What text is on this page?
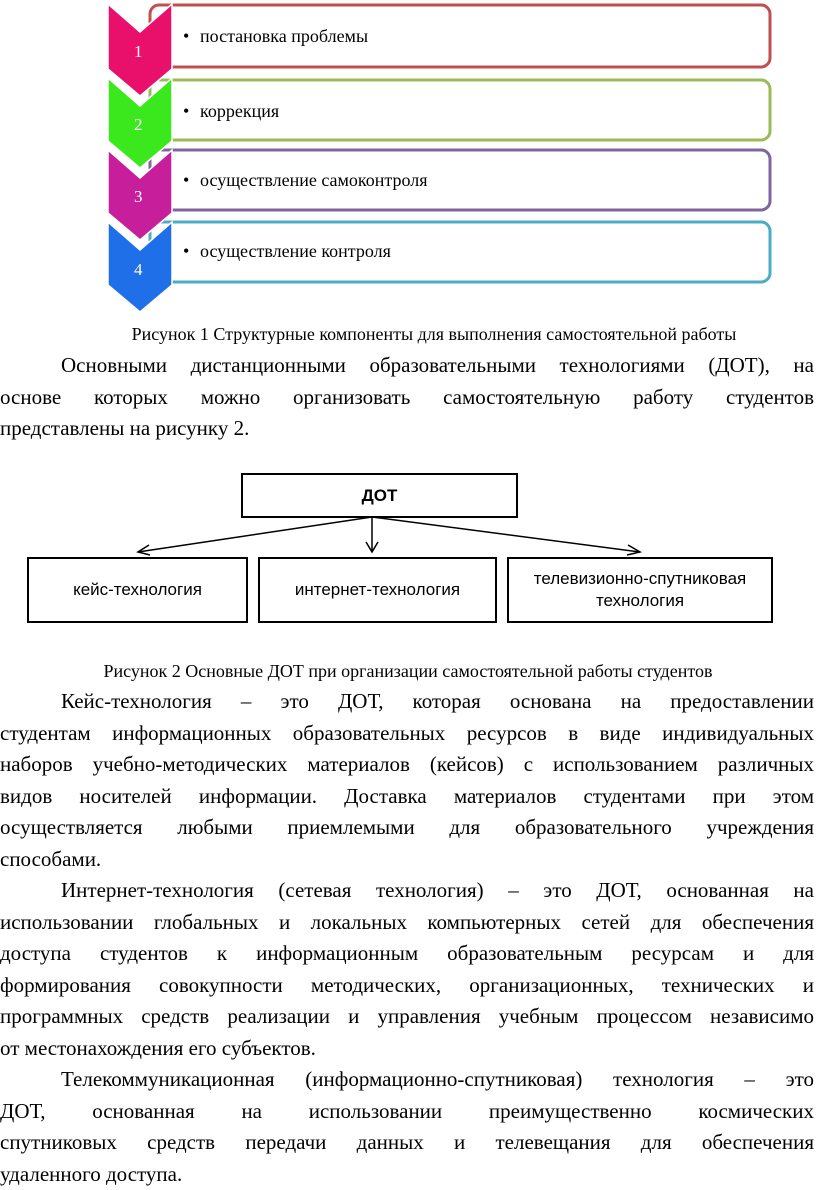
1
2
3
4
•
•
•
•
постановка проблемы
коррекция
осуществление самоконтроля
осуществление контроля
Рисунок 1 Структурные компоненты для выполнения самостоятельной работы
Основными дистанционными образовательными технологиями (ДОТ), на
основе которых можно организовать самостоятельную работу студентов
представлены на рисунку 2.
ДОТ
кейс-технология	интернет-технология
телевизионно-спутниковая
технология
Рисунок 2 Основные ДОТ при организации самостоятельной работы студентов
Кейс-технология – это ДОТ, которая основана на предоставлении
студентам информационных образовательных ресурсов в виде индивидуальных
наборов учебно-методических материалов (кейсов) с использованием различных
видов носителей информации. Доставка материалов студентами при этом
осуществляется любыми приемлемыми для образовательного учреждения
способами.
Интернет-технология (сетевая технология) – это ДОТ, основанная на
использовании глобальных и локальных компьютерных сетей для обеспечения
доступа студентов к информационным образовательным ресурсам и для
формирования совокупности методических, организационных, технических и
программных средств реализации и управления учебным процессом независимо
от местонахождения его субъектов.
Телекоммуникационная (информационно-спутниковая) технология – это
ДОТ, основанная на использовании преимущественно космических
спутниковых средств передачи данных и телевещания для обеспечения
удаленного доступа.
